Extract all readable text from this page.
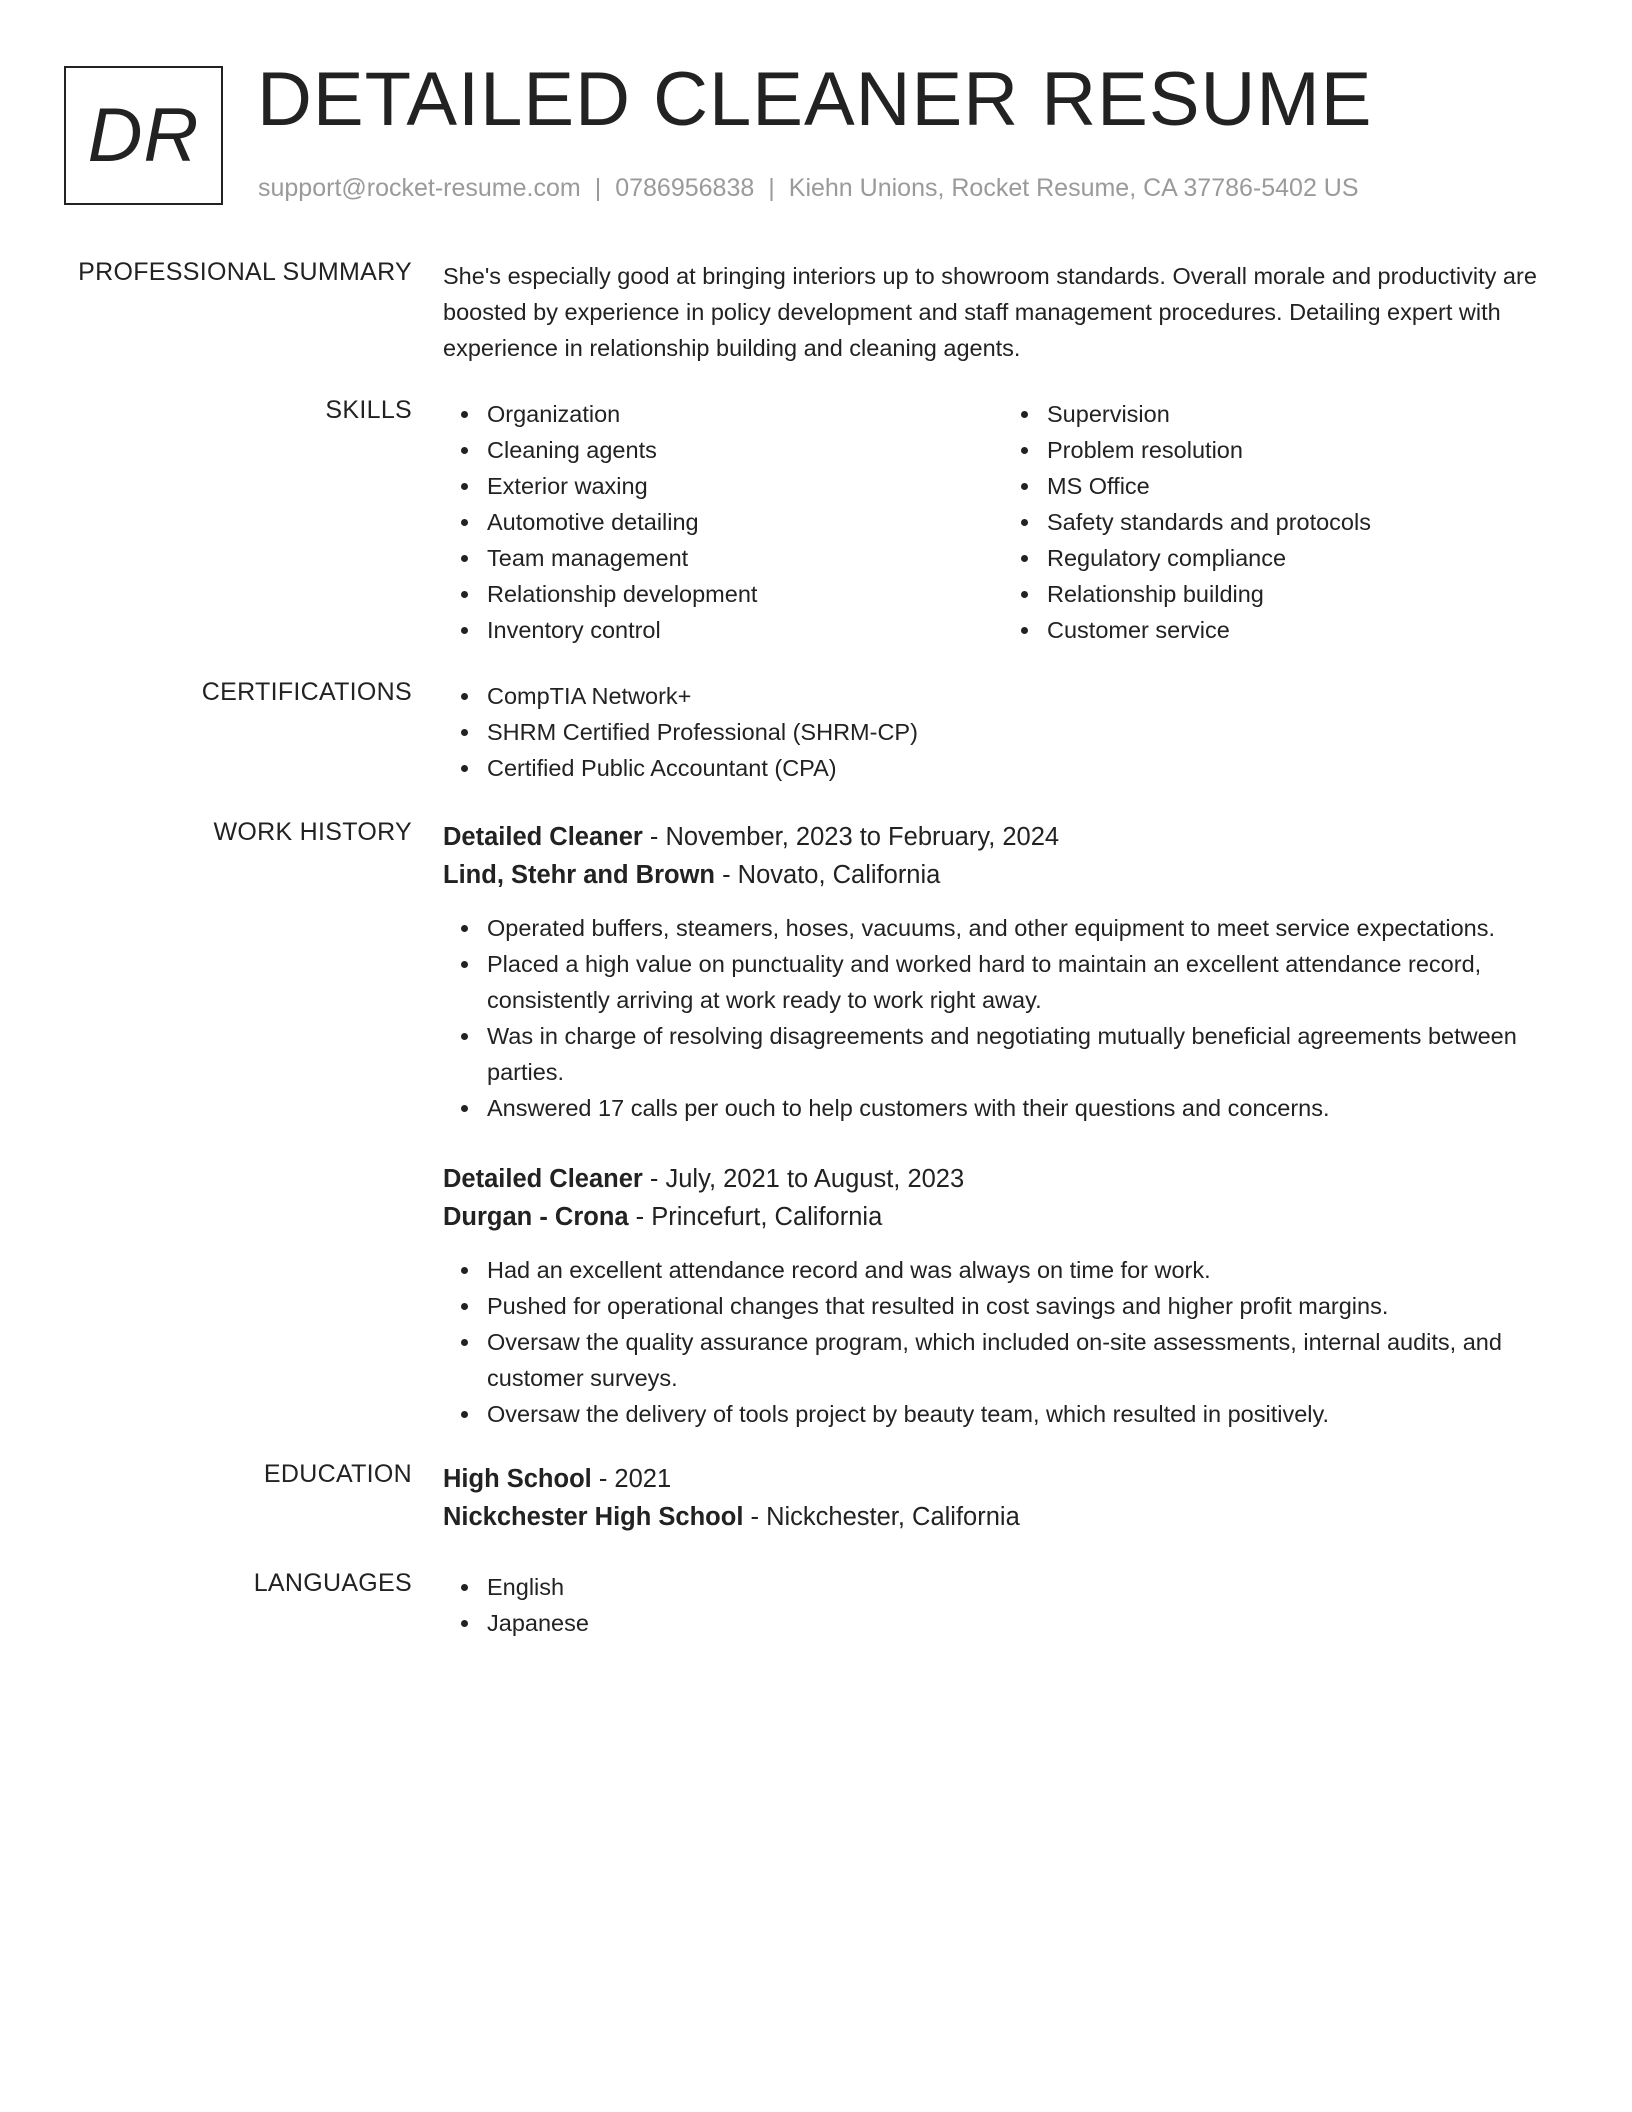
DR DETAILED CLEANER RESUME
support@rocket-resume.com | 0786956838 | Kiehn Unions, Rocket Resume, CA 37786-5402 US
PROFESSIONAL SUMMARY She's especially good at bringing interiors up to showroom standards. Overall morale and productivity are boosted by experience in policy development and staff management procedures. Detailing expert with experience in relationship building and cleaning agents.
SKILLS	Organization
Cleaning agents
Exterior waxing
Automotive detailing
Team management
Relationship development
Inventory control
Supervision
Problem resolution
MS Office
Safety standards and protocols
Regulatory compliance
Relationship building
Customer service
CERTIFICATIONS	CompTIA Network+
SHRM Certified Professional (SHRM-CP)
Certified Public Accountant (CPA)
WORK HISTORY Detailed Cleaner - November, 2023 to February, 2024
Lind, Stehr and Brown - Novato, California
Operated buffers, steamers, hoses, vacuums, and other equipment to meet service expectations.
Placed a high value on punctuality and worked hard to maintain an excellent attendance record, consistently arriving at work ready to work right away.
Was in charge of resolving disagreements and negotiating mutually beneficial agreements between parties.
Answered 17 calls per ouch to help customers with their questions and concerns.
Detailed Cleaner - July, 2021 to August, 2023
Durgan - Crona - Princefurt, California
Had an excellent attendance record and was always on time for work.
Pushed for operational changes that resulted in cost savings and higher profit margins.
Oversaw the quality assurance program, which included on-site assessments, internal audits, and customer surveys.
Oversaw the delivery of tools project by beauty team, which resulted in positively.
EDUCATION High School - 2021
Nickchester High School - Nickchester, California
LANGUAGES	English
Japanese
